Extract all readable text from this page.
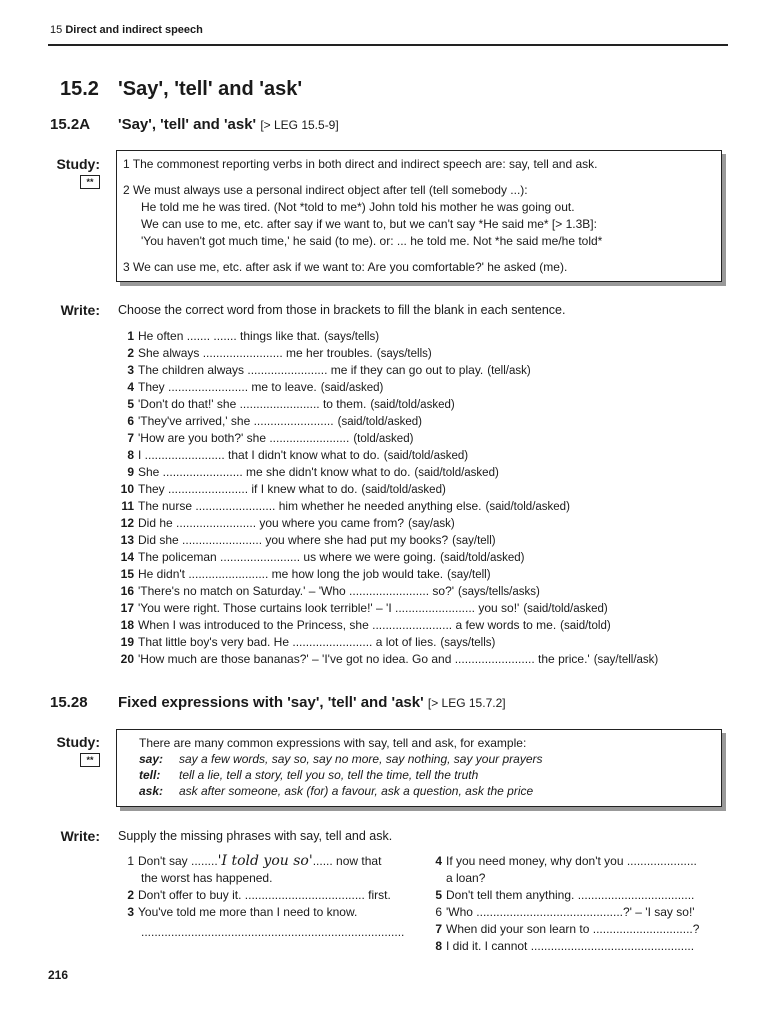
15 Direct and indirect speech
15.2 'Say', 'tell' and 'ask'
15.2A 'Say', 'tell' and 'ask' [> LEG 15.5-9]
Study:
**
1 The commonest reporting verbs in both direct and indirect speech are: say, tell and ask.
2 We must always use a personal indirect object after tell (tell somebody ...):
He told me he was tired. (Not *told to me*) John told his mother he was going out.
We can use to me, etc. after say if we want to, but we can't say *He said me* [> 1.3B]:
'You haven't got much time,' he said (to me). or: ... he told me. Not *he said me/he told*
3 We can use me, etc. after ask if we want to: Are you comfortable?' he asked (me).
Write: Choose the correct word from those in brackets to fill the blank in each sentence.
1 He often ....... ....... things like that. (says/tells)
2 She always ........................ me her troubles. (says/tells)
3 The children always ........................ me if they can go out to play. (tell/ask)
4 They ........................ me to leave. (said/asked)
5 'Don't do that!' she ........................ to them. (said/told/asked)
6 'They've arrived,' she ........................ (said/told/asked)
7 'How are you both?' she ........................ (told/asked)
8 I ........................ that I didn't know what to do. (said/told/asked)
9 She ........................ me she didn't know what to do. (said/told/asked)
10 They ........................ if I knew what to do. (said/told/asked)
11 The nurse ........................ him whether he needed anything else. (said/told/asked)
12 Did he ........................ you where you came from? (say/ask)
13 Did she ........................ you where she had put my books? (say/tell)
14 The policeman ........................ us where we were going. (said/told/asked)
15 He didn't ........................ me how long the job would take. (say/tell)
16 'There's no match on Saturday.' – 'Who ........................ so?' (says/tells/asks)
17 'You were right. Those curtains look terrible!' – 'I ........................ you so!' (said/told/asked)
18 When I was introduced to the Princess, she ........................ a few words to me. (said/told)
19 That little boy's very bad. He ........................ a lot of lies. (says/tells)
20 'How much are those bananas?' – 'I've got no idea. Go and ........................ the price.' (say/tell/ask)
15.28 Fixed expressions with 'say', 'tell' and 'ask' [> LEG 15.7.2]
Study:
**
There are many common expressions with say, tell and ask, for example:
say: say a few words, say so, say no more, say nothing, say your prayers
tell: tell a lie, tell a story, tell you so, tell the time, tell the truth
ask: ask after someone, ask (for) a favour, ask a question, ask the price
Write: Supply the missing phrases with say, tell and ask.
1 Don't say ........'I told you so'...... now that
the worst has happened.
2 Don't offer to buy it. .................................... first.
3 You've told me more than I need to know.
...............................................................................
4 If you need money, why don't you .....................
a loan?
5 Don't tell them anything. ...................................
6 'Who ............................................?' – 'I say so!'
7 When did your son learn to ..............................?
8 I did it. I cannot .................................................
216
